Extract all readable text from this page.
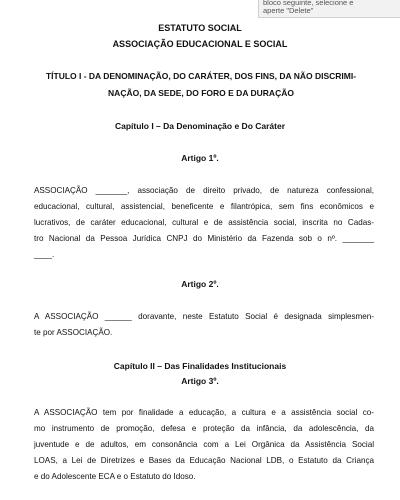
bloco seguinte, selecione e
aperte "Delete"
ESTATUTO SOCIAL
ASSOCIAÇÃO EDUCACIONAL E SOCIAL
TÍTULO I - DA DENOMINAÇÃO, DO CARÁTER, DOS FINS, DA NÃO DISCRIMI-
NAÇÃO, DA SEDE, DO FORO E DA DURAÇÃO
Capítulo I – Da Denominação e Do Caráter
Artigo 1º.
ASSOCIAÇÃO _______, associação de direito privado, de natureza confessional,
educacional, cultural, assistencial, beneficente e filantrópica, sem fins econômicos e
lucrativos, de caráter educacional, cultural e de assistência social, inscrita no Cadas-
tro Nacional da Pessoa Jurídica CNPJ do Ministério da Fazenda sob o nº. _______
____.
Artigo 2º.
A ASSOCIAÇÃO ______ doravante, neste Estatuto Social é designada simplesmen-
te por ASSOCIAÇÃO.
Capítulo II – Das Finalidades Institucionais
Artigo 3º.
A ASSOCIAÇÃO tem por finalidade a educação, a cultura e a assistência social co-
mo instrumento de promoção, defesa e proteção da infância, da adolescência, da
juventude e de adultos, em consonância com a Lei Orgânica da Assistência Social
LOAS, a Lei de Diretrizes e Bases da Educação Nacional LDB, o Estatuto da Criança
e do Adolescente ECA e o Estatuto do Idoso.
